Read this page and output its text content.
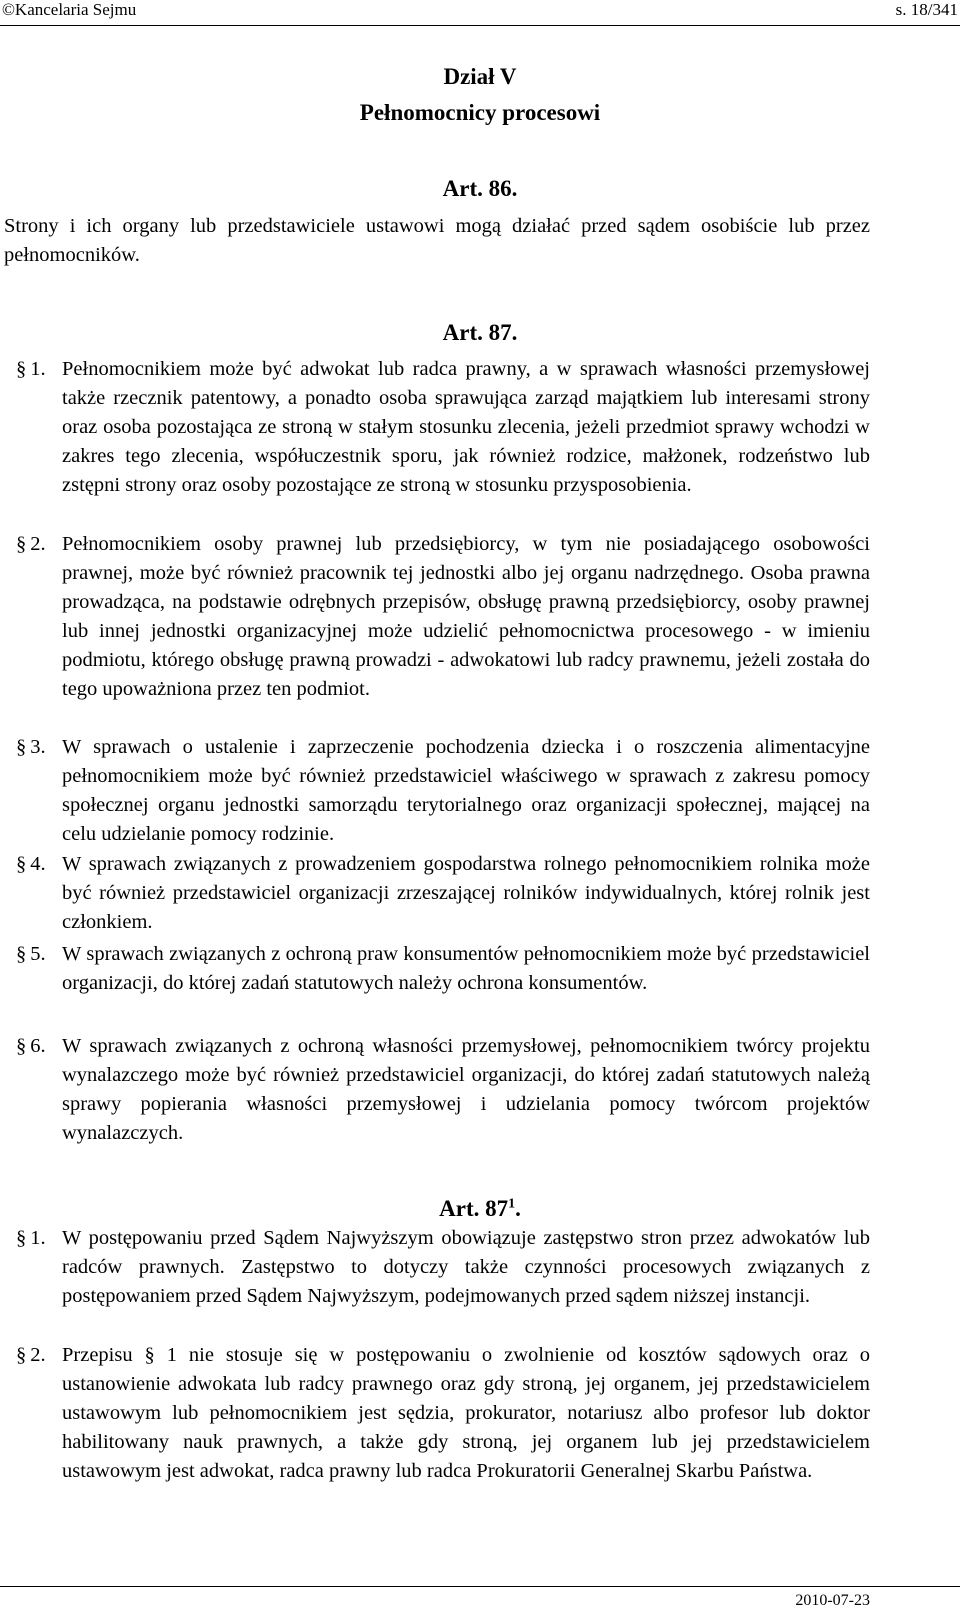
©Kancelaria Sejmu	s. 18/341
Dział V
Pełnomocnicy procesowi
Art. 86.
Strony i ich organy lub przedstawiciele ustawowi mogą działać przed sądem osobiście lub przez pełnomocników.
Art. 87.
§ 1. Pełnomocnikiem może być adwokat lub radca prawny, a w sprawach własności przemysłowej także rzecznik patentowy, a ponadto osoba sprawująca zarząd majątkiem lub interesami strony oraz osoba pozostająca ze stroną w stałym stosunku zlecenia, jeżeli przedmiot sprawy wchodzi w zakres tego zlecenia, współuczestnik sporu, jak również rodzice, małżonek, rodzeństwo lub zstępni strony oraz osoby pozostające ze stroną w stosunku przysposobienia.
§ 2. Pełnomocnikiem osoby prawnej lub przedsiębiorcy, w tym nie posiadającego osobowości prawnej, może być również pracownik tej jednostki albo jej organu nadrzędnego. Osoba prawna prowadząca, na podstawie odrębnych przepisów, obsługę prawną przedsiębiorcy, osoby prawnej lub innej jednostki organizacyjnej może udzielić pełnomocnictwa procesowego - w imieniu podmiotu, którego obsługę prawną prowadzi - adwokatowi lub radcy prawnemu, jeżeli została do tego upoważniona przez ten podmiot.
§ 3. W sprawach o ustalenie i zaprzeczenie pochodzenia dziecka i o roszczenia alimentacyjne pełnomocnikiem może być również przedstawiciel właściwego w sprawach z zakresu pomocy społecznej organu jednostki samorządu terytorialnego oraz organizacji społecznej, mającej na celu udzielanie pomocy rodzinie.
§ 4. W sprawach związanych z prowadzeniem gospodarstwa rolnego pełnomocnikiem rolnika może być również przedstawiciel organizacji zrzeszającej rolników indywidualnych, której rolnik jest członkiem.
§ 5. W sprawach związanych z ochroną praw konsumentów pełnomocnikiem może być przedstawiciel organizacji, do której zadań statutowych należy ochrona konsumentów.
§ 6. W sprawach związanych z ochroną własności przemysłowej, pełnomocnikiem twórcy projektu wynalazczego może być również przedstawiciel organizacji, do której zadań statutowych należą sprawy popierania własności przemysłowej i udzielania pomocy twórcom projektów wynalazczych.
Art. $87^1$.
§ 1. W postępowaniu przed Sądem Najwyższym obowiązuje zastępstwo stron przez adwokatów lub radców prawnych. Zastępstwo to dotyczy także czynności procesowych związanych z postępowaniem przed Sądem Najwyższym, podejmowanych przed sądem niższej instancji.
§ 2. Przepisu § 1 nie stosuje się w postępowaniu o zwolnienie od kosztów sądowych oraz o ustanowienie adwokata lub radcy prawnego oraz gdy stroną, jej organem, jej przedstawicielem ustawowym lub pełnomocnikiem jest sędzia, prokurator, notariusz albo profesor lub doktor habilitowany nauk prawnych, a także gdy stroną, jej organem lub jej przedstawicielem ustawowym jest adwokat, radca prawny lub radca Prokuratorii Generalnej Skarbu Państwa.
2010-07-23
